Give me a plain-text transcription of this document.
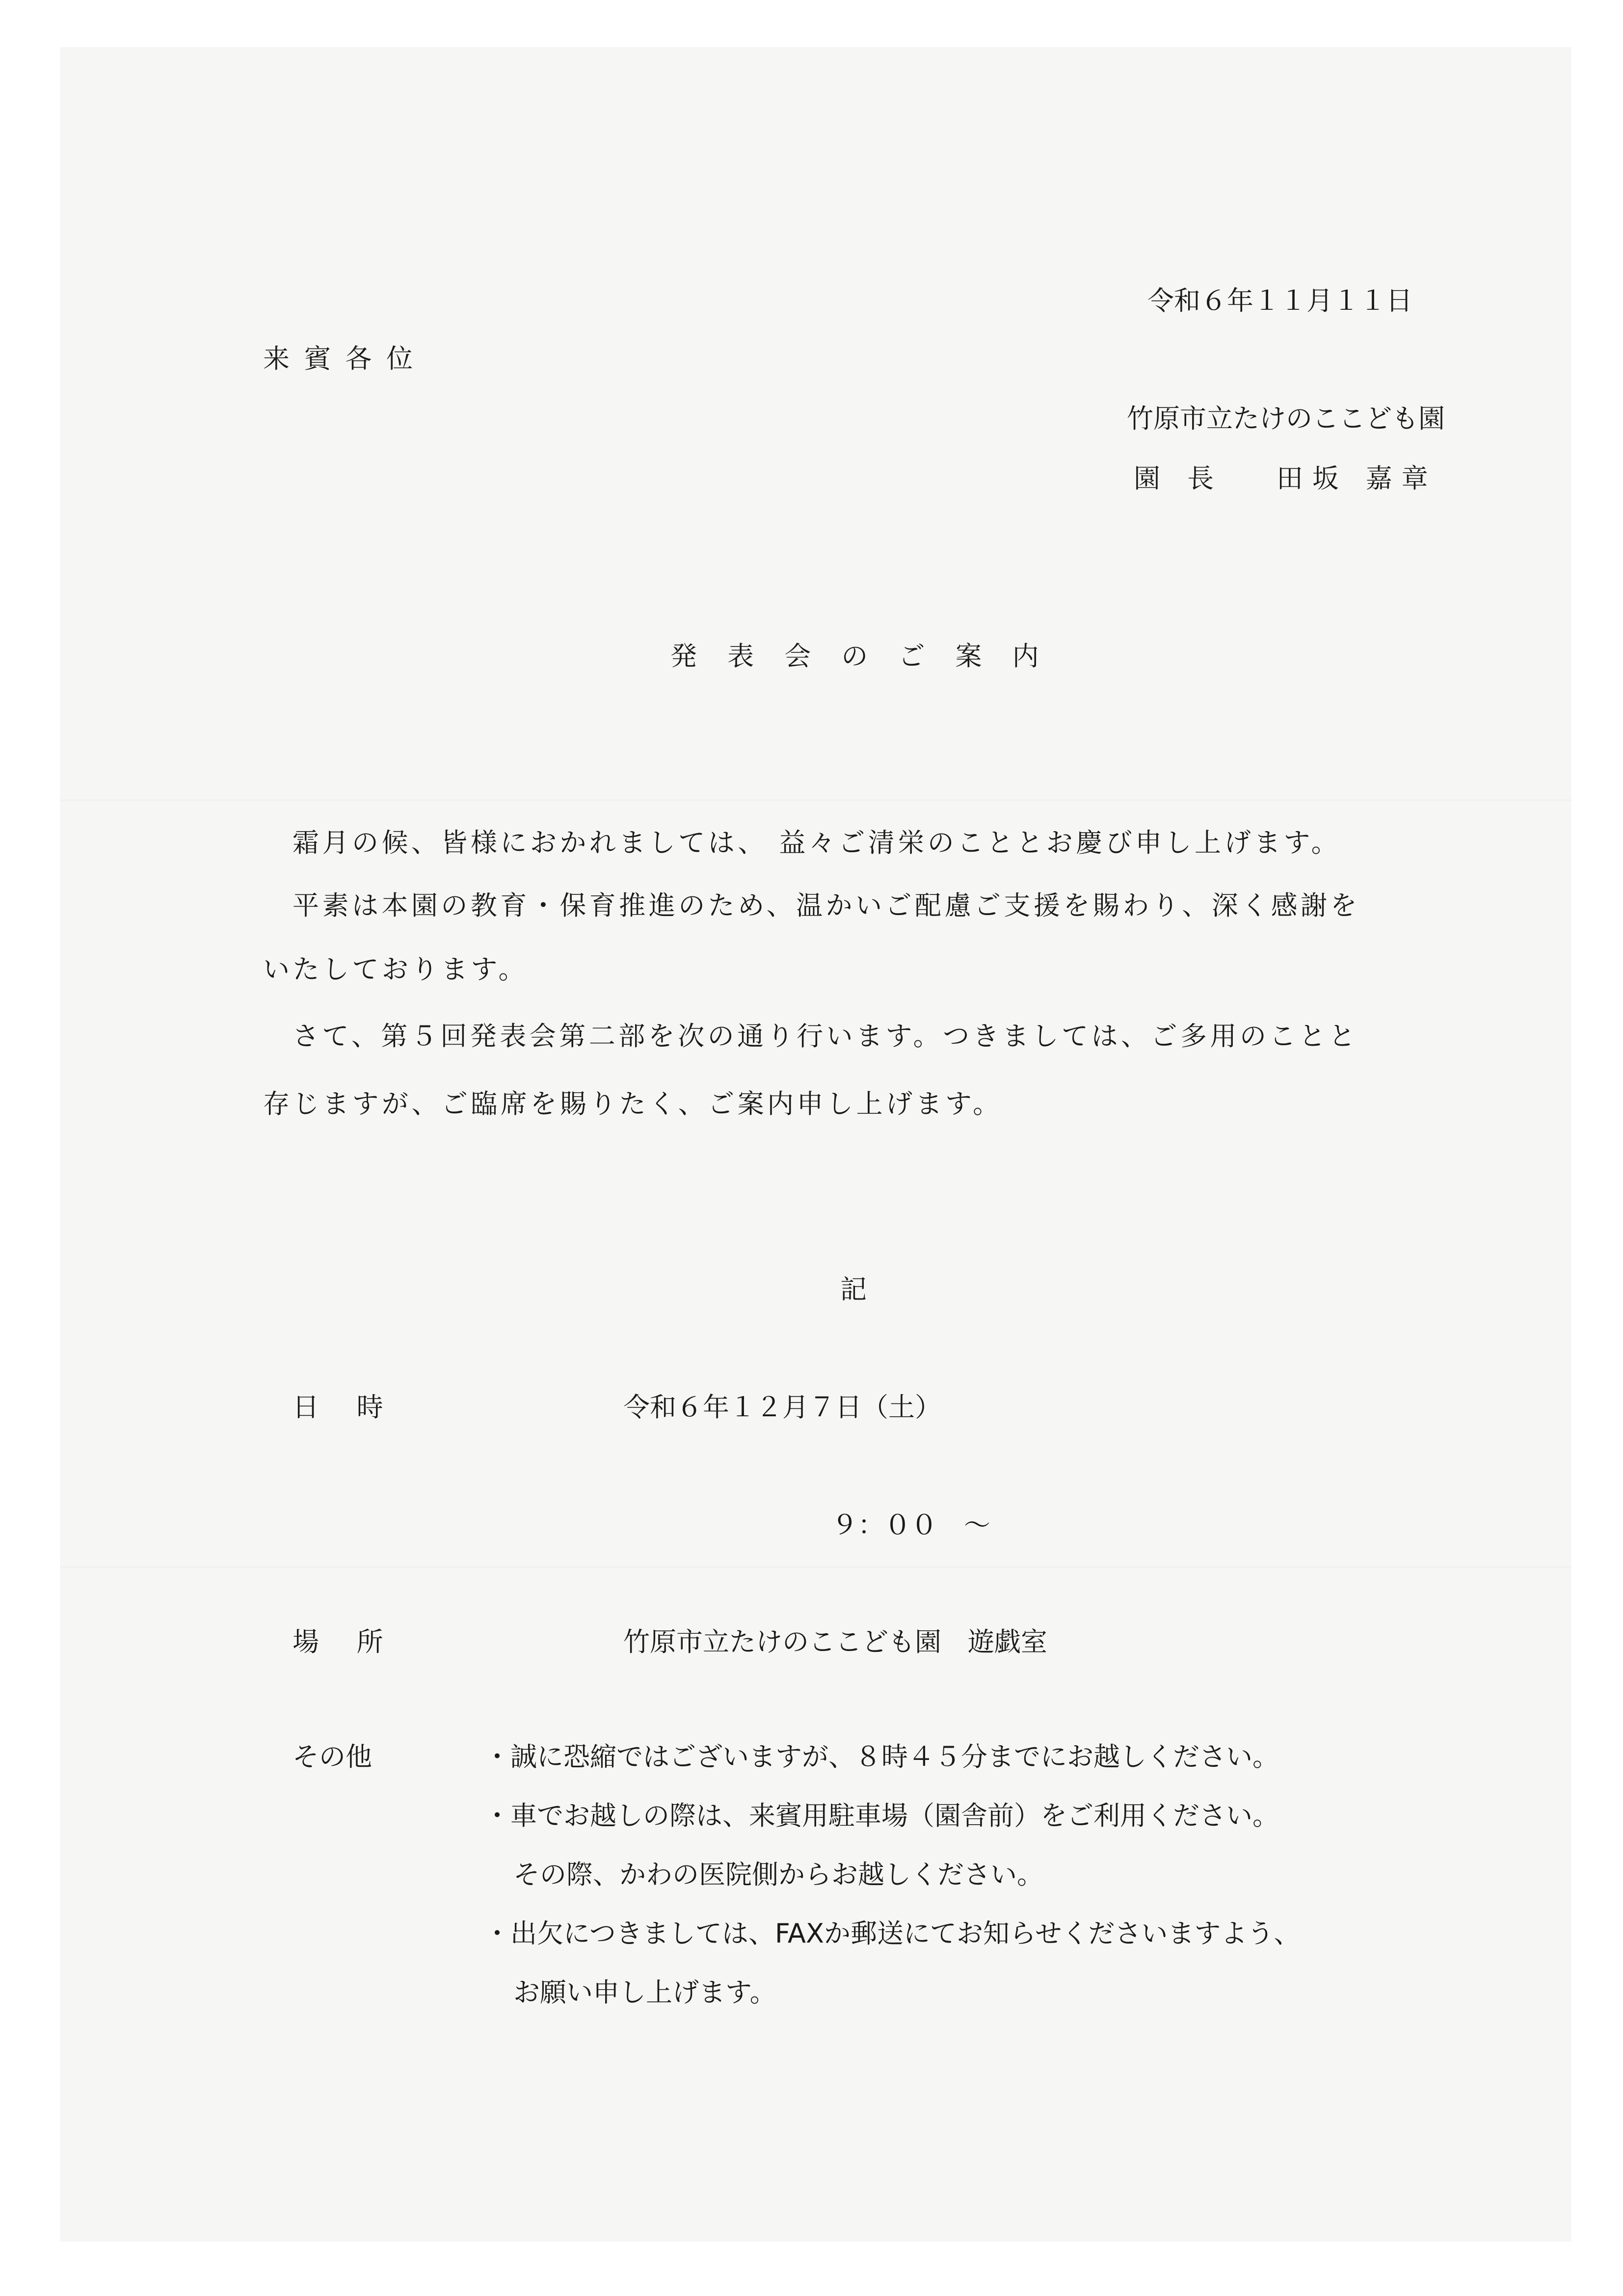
令和６年１１月１１日
来賓各位
竹原市立たけのここども園
園 長　 田坂 嘉章
発表会のご案内
霜月の候、皆様におかれましては、 益々ご清栄のこととお慶び申し上げます。
平素は本園の教育・保育推進のため、温かいご配慮ご支援を賜わり、深く感謝を
いたしております。
さて、第５回発表会第二部を次の通り行います。つきましては、ご多用のことと
存じますが、ご臨席を賜りたく、ご案内申し上げます。
記
日 時	令和６年１２月７日（土）
９：００　～
場 所	竹原市立たけのここども園　遊戯室
その他	・誠に恐縮ではございますが、８時４５分までにお越しください。
・車でお越しの際は、来賓用駐車場（園舎前）をご利用ください。
その際、かわの医院側からお越しください。
・出欠につきましては、FAXか郵送にてお知らせくださいますよう、
お願い申し上げます。
